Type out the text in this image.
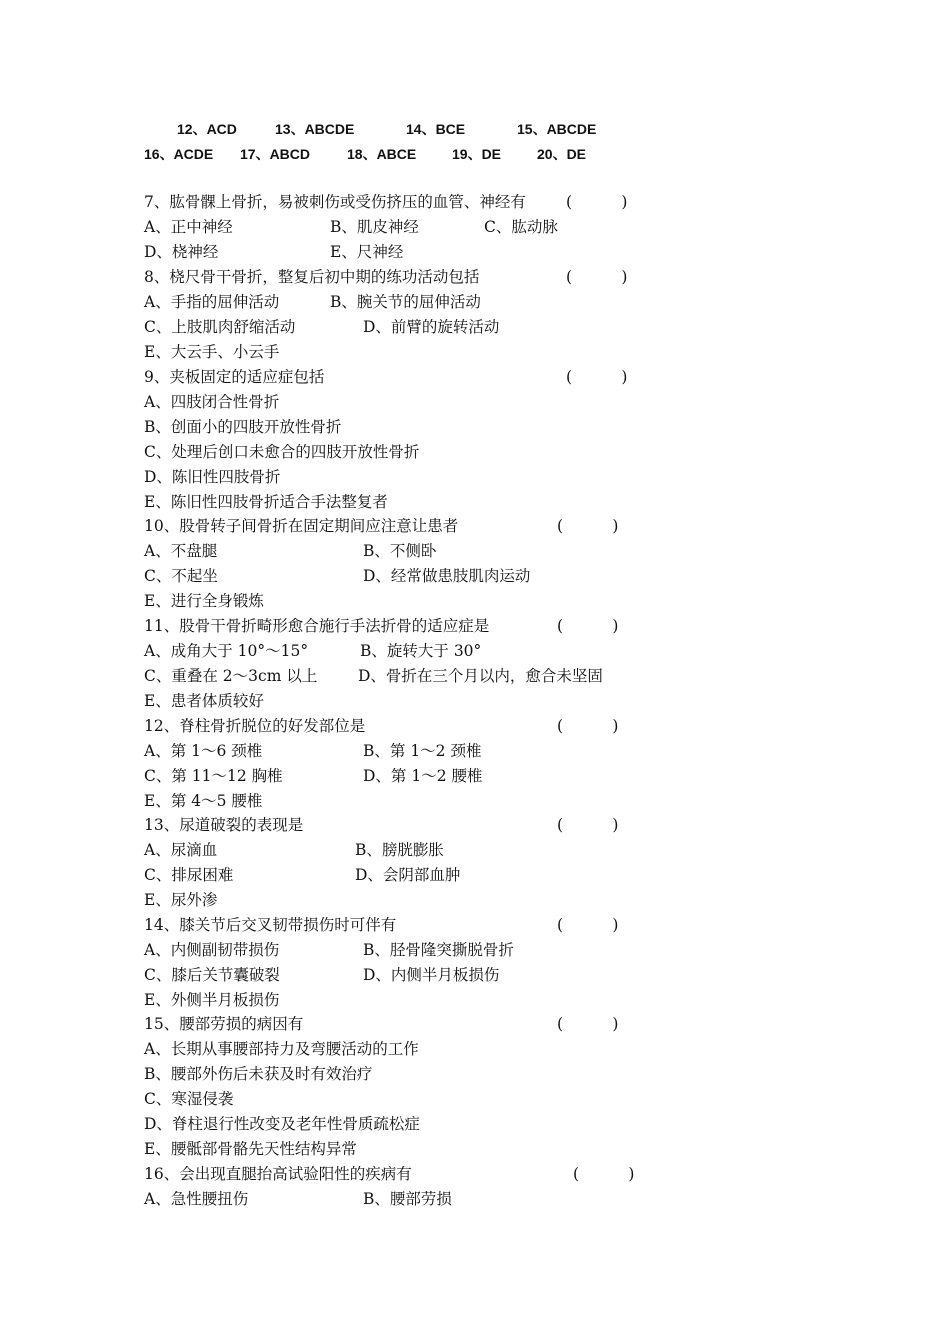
12、ACD	13、ABCDE	14、BCE	15、ABCDE
16、ACDE 17、ABCD	18、ABCE	19、DE	20、DE
7、肱骨髁上骨折，易被刺伤或受伤挤压的血管、神经有	(          )
A、正中神经	B、肌皮神经	C、肱动脉
D、桡神经	E、尺神经
8、桡尺骨干骨折，整复后初中期的练功活动包括	(          )
A、手指的屈伸活动	B、腕关节的屈伸活动
C、上肢肌肉舒缩活动	D、前臂的旋转活动
E、大云手、小云手
9、夹板固定的适应症包括	(          )
A、四肢闭合性骨折
B、创面小的四肢开放性骨折
C、处理后创口未愈合的四肢开放性骨折
D、陈旧性四肢骨折
E、陈旧性四肢骨折适合手法整复者
10、股骨转子间骨折在固定期间应注意让患者	(          )
A、不盘腿	B、不侧卧
C、不起坐	D、经常做患肢肌肉运动
E、进行全身锻炼
11、股骨干骨折畸形愈合施行手法折骨的适应症是	(          )
A、成角大于 10°～15°	B、旋转大于 30°
C、重叠在 2～3cm 以上	D、骨折在三个月以内，愈合未坚固
E、患者体质较好
12、脊柱骨折脱位的好发部位是	(          )
A、第 1～6 颈椎	B、第 1～2 颈椎
C、第 11～12 胸椎	D、第 1～2 腰椎
E、第 4～5 腰椎
13、尿道破裂的表现是	(          )
A、尿滴血	B、膀胱膨胀
C、排尿困难	D、会阴部血肿
E、尿外渗
14、膝关节后交叉韧带损伤时可伴有	(          )
A、内侧副韧带损伤	B、胫骨隆突撕脱骨折
C、膝后关节囊破裂	D、内侧半月板损伤
E、外侧半月板损伤
15、腰部劳损的病因有	(          )
A、长期从事腰部持力及弯腰活动的工作
B、腰部外伤后未获及时有效治疗
C、寒湿侵袭
D、脊柱退行性改变及老年性骨质疏松症
E、腰骶部骨骼先天性结构异常
16、会出现直腿抬高试验阳性的疾病有	(          )
A、急性腰扭伤	B、腰部劳损
